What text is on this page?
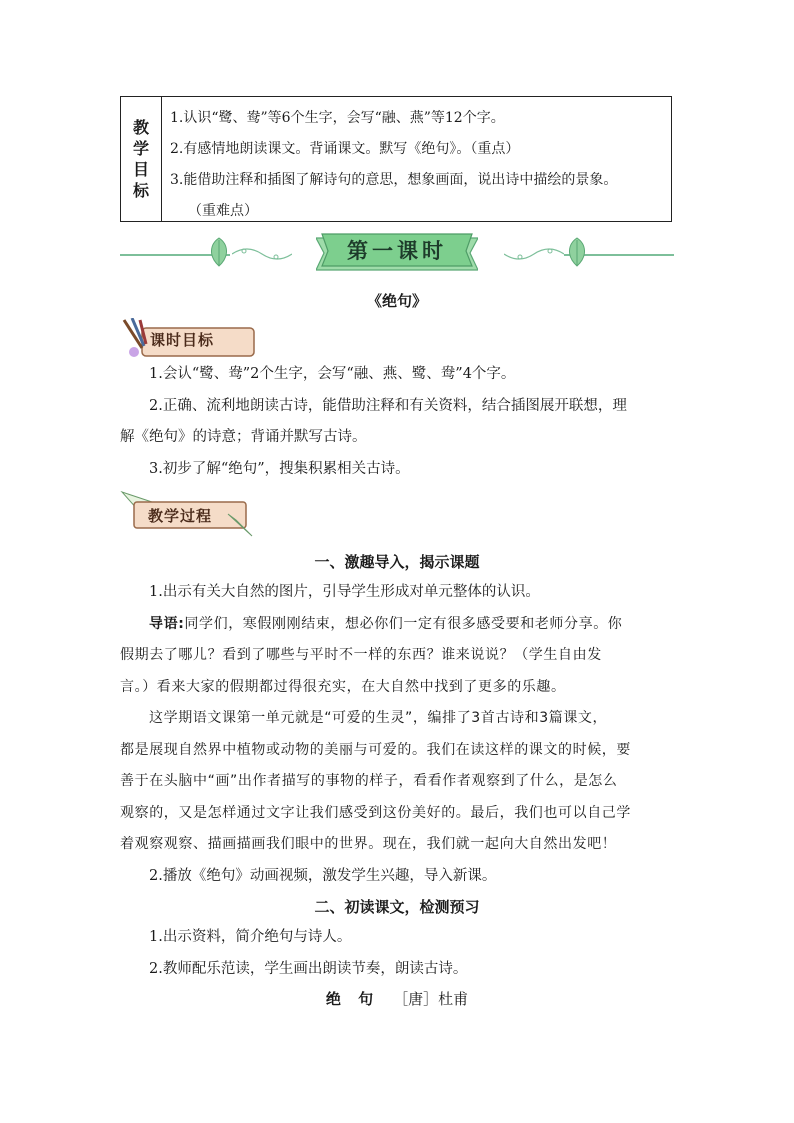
教
学
目
标
1.认识“鹭、鸯”等6个生字，会写“融、燕”等12个字。
2.有感情地朗读课文。背诵课文。默写《绝句》。（重点）
3.能借助注释和插图了解诗句的意思，想象画面，说出诗中描绘的景象。
（重难点）
第一课时
《绝句》
课时目标
1.会认“鹭、鸯”2个生字，会写“融、燕、鹭、鸯”4个字。
2.正确、流利地朗读古诗，能借助注释和有关资料，结合插图展开联想，理
解《绝句》的诗意；背诵并默写古诗。
3.初步了解“绝句”，搜集积累相关古诗。
教学过程
一、激趣导入，揭示课题
1.出示有关大自然的图片，引导学生形成对单元整体的认识。
导语:同学们，寒假刚刚结束，想必你们一定有很多感受要和老师分享。你
假期去了哪儿？看到了哪些与平时不一样的东西？谁来说说？（学生自由发
言。）看来大家的假期都过得很充实，在大自然中找到了更多的乐趣。
这学期语文课第一单元就是“可爱的生灵”，编排了3首古诗和3篇课文，
都是展现自然界中植物或动物的美丽与可爱的。我们在读这样的课文的时候，要
善于在头脑中“画”出作者描写的事物的样子，看看作者观察到了什么，是怎么
观察的，又是怎样通过文字让我们感受到这份美好的。最后，我们也可以自己学
着观察观察、描画描画我们眼中的世界。现在，我们就一起向大自然出发吧！
2.播放《绝句》动画视频，激发学生兴趣，导入新课。
二、初读课文，检测预习
1.出示资料，简介绝句与诗人。
2.教师配乐范读，学生画出朗读节奏，朗读古诗。
绝 句 ［唐］杜甫
